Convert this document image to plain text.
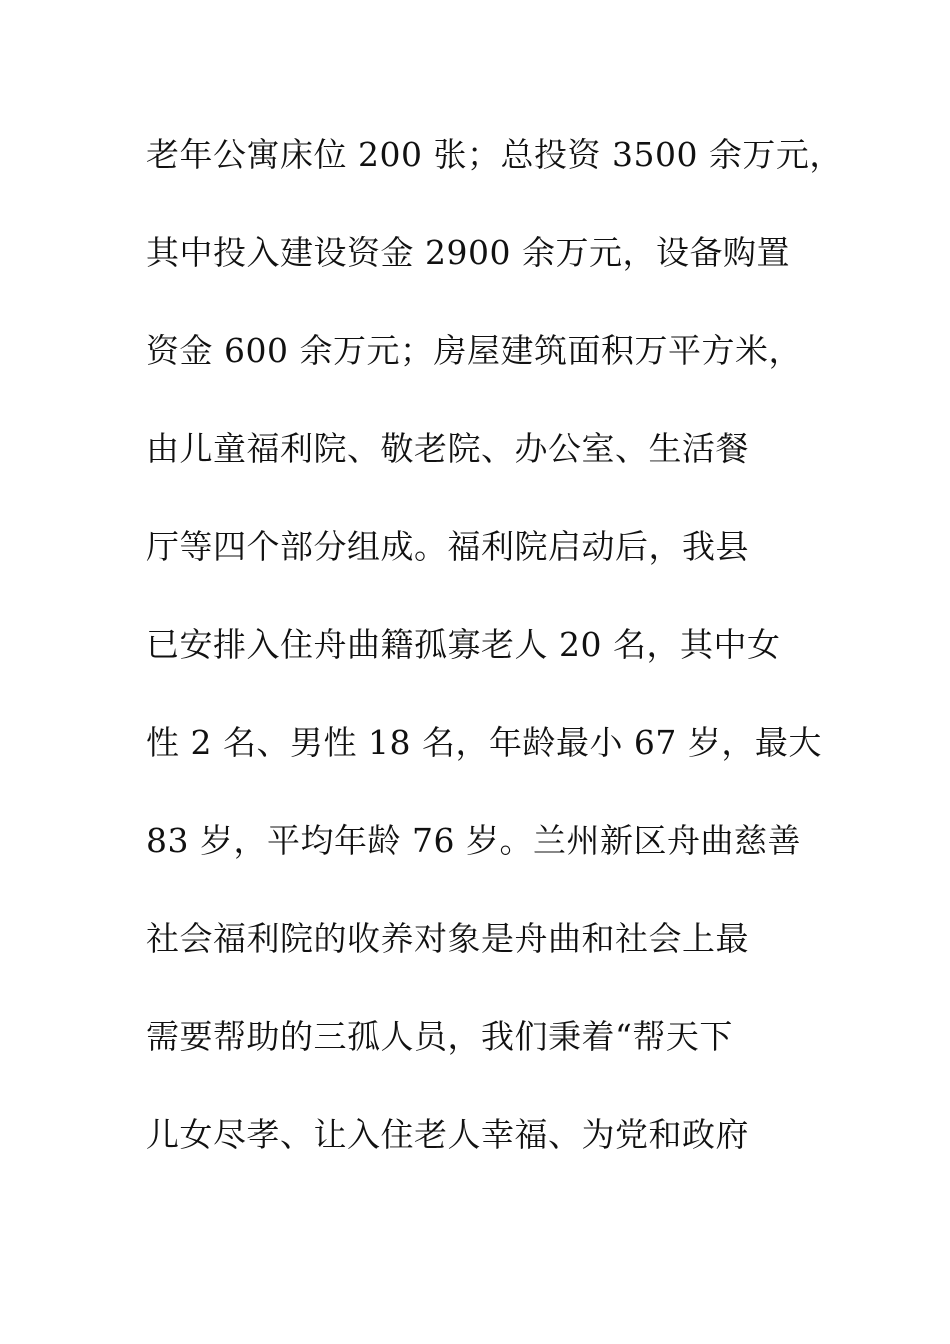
老年公寓床位 200 张；总投资 3500 余万元，
其中投入建设资金 2900 余万元，设备购置
资金 600 余万元；房屋建筑面积万平方米，
由儿童福利院、敬老院、办公室、生活餐
厅等四个部分组成。福利院启动后，我县
已安排入住舟曲籍孤寡老人 20 名，其中女
性 2 名、男性 18 名，年龄最小 67 岁，最大
83 岁，平均年龄 76 岁。兰州新区舟曲慈善
社会福利院的收养对象是舟曲和社会上最
需要帮助的三孤人员，我们秉着“帮天下
儿女尽孝、让入住老人幸福、为党和政府
